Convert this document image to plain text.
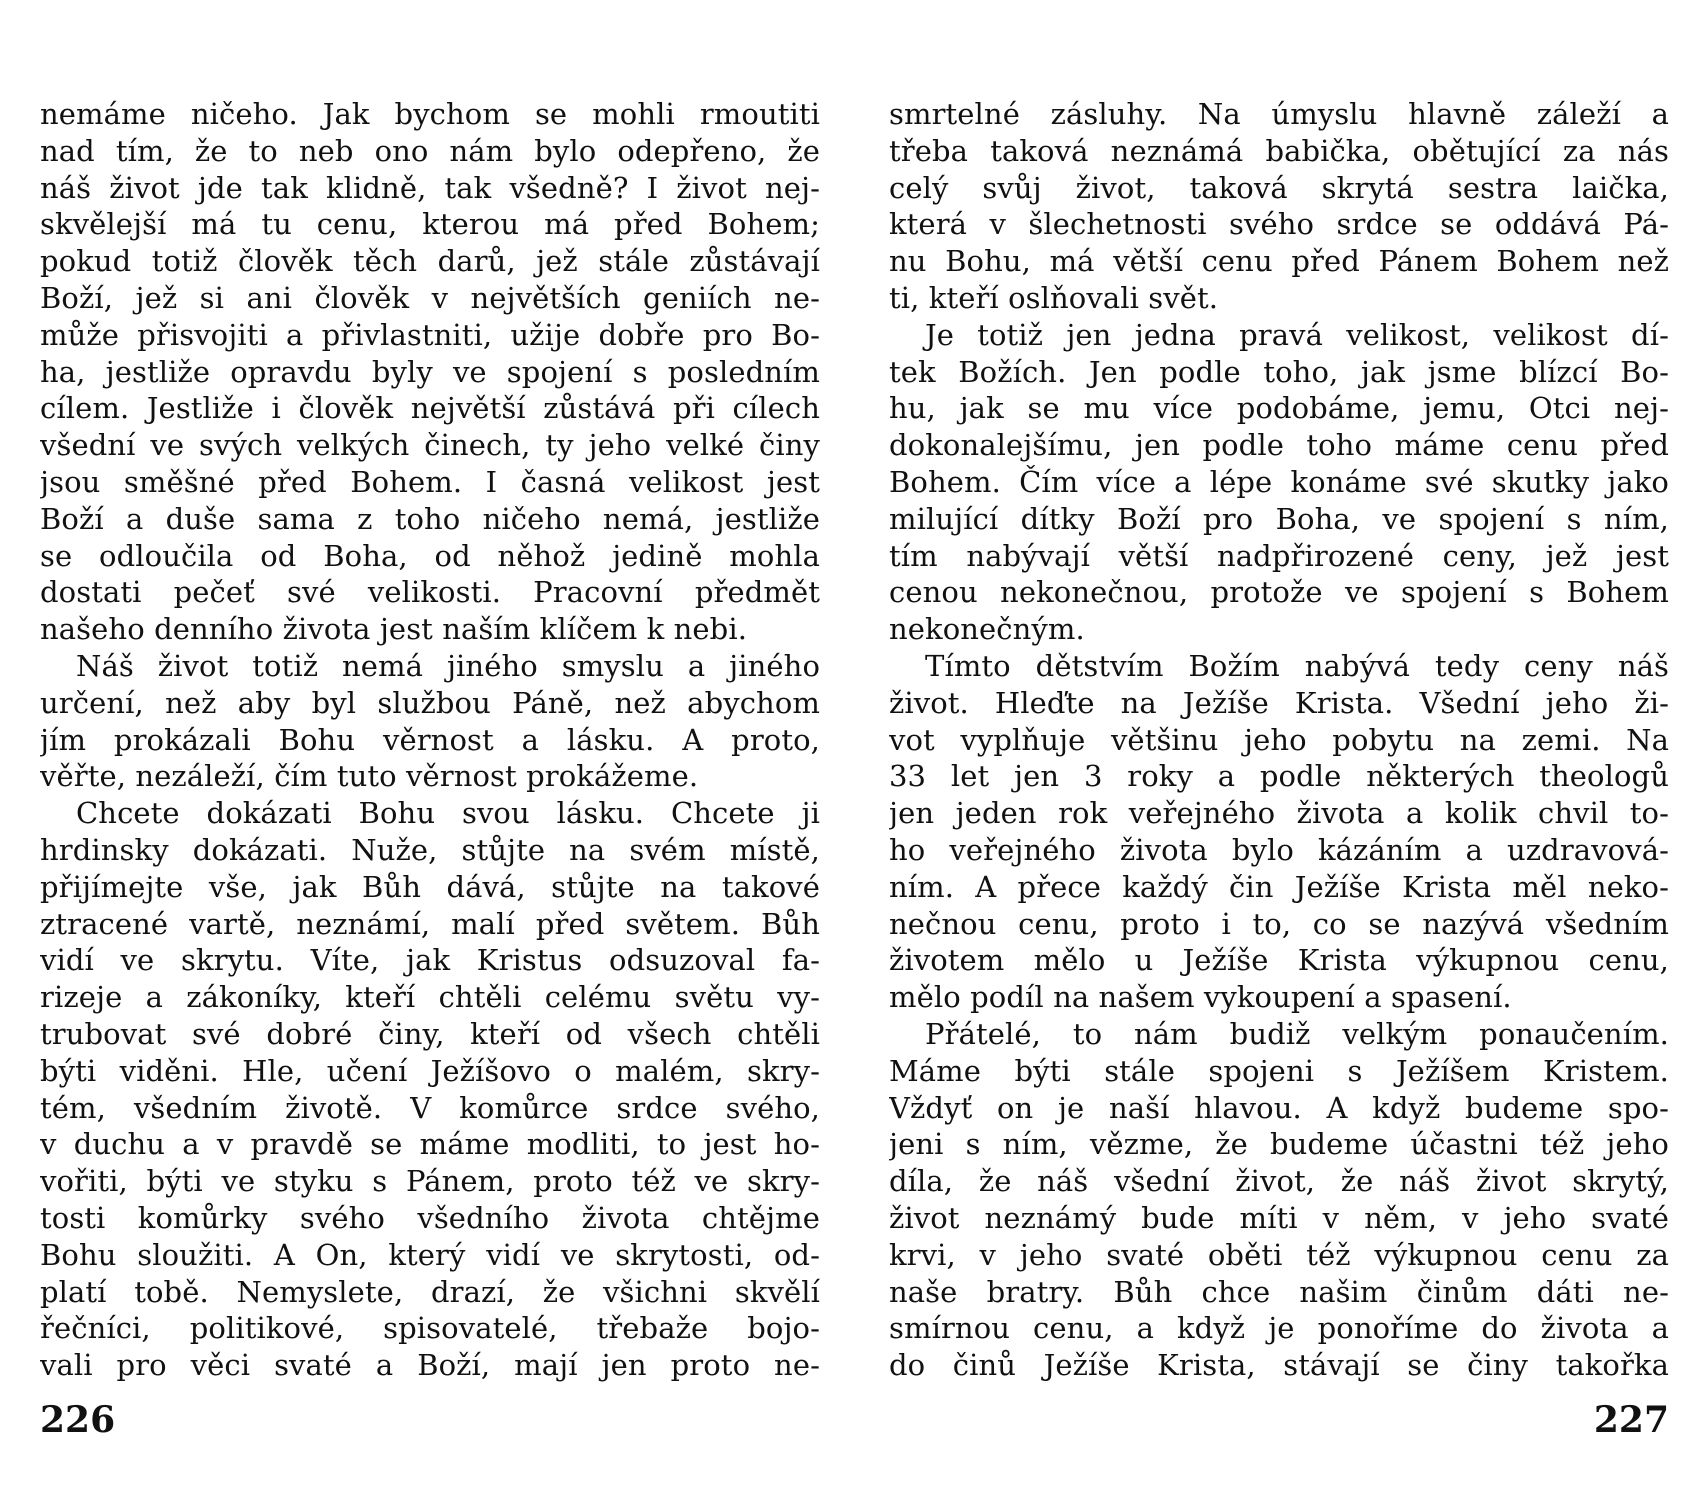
nemáme ničeho. Jak bychom se mohli rmoutiti
nad tím, že to neb ono nám bylo odepřeno, že
náš život jde tak klidně, tak všedně? I život nej-
skvělejší má tu cenu, kterou má před Bohem;
pokud totiž člověk těch darů, jež stále zůstávají
Boží, jež si ani člověk v největších geniích ne-
může přisvojiti a přivlastniti, užije dobře pro Bo-
ha, jestliže opravdu byly ve spojení s posledním
cílem. Jestliže i člověk největší zůstává při cílech
všední ve svých velkých činech, ty jeho velké činy
jsou směšné před Bohem. I časná velikost jest
Boží a duše sama z toho ničeho nemá, jestliže
se odloučila od Boha, od něhož jedině mohla
dostati pečeť své velikosti. Pracovní předmět
našeho denního života jest naším klíčem k nebi.
Náš život totiž nemá jiného smyslu a jiného
určení, než aby byl službou Páně, než abychom
jím prokázali Bohu věrnost a lásku. A proto,
věřte, nezáleží, čím tuto věrnost prokážeme.
Chcete dokázati Bohu svou lásku. Chcete ji
hrdinsky dokázati. Nuže, stůjte na svém místě,
přijímejte vše, jak Bůh dává, stůjte na takové
ztracené vartě, neznámí, malí před světem. Bůh
vidí ve skrytu. Víte, jak Kristus odsuzoval fa-
rizeje a zákoníky, kteří chtěli celému světu vy-
trubovat své dobré činy, kteří od všech chtěli
býti viděni. Hle, učení Ježíšovo o malém, skry-
tém, všedním životě. V komůrce srdce svého,
v duchu a v pravdě se máme modliti, to jest ho-
vořiti, býti ve styku s Pánem, proto též ve skry-
tosti komůrky svého všedního života chtějme
Bohu sloužiti. A On, který vidí ve skrytosti, od-
platí tobě. Nemyslete, drazí, že všichni skvělí
řečníci, politikové, spisovatelé, třebaže bojo-
vali pro věci svaté a Boží, mají jen proto ne-
226
smrtelné zásluhy. Na úmyslu hlavně záleží a
třeba taková neznámá babička, obětující za nás
celý svůj život, taková skrytá sestra laička,
která v šlechetnosti svého srdce se oddává Pá-
nu Bohu, má větší cenu před Pánem Bohem než
ti, kteří oslňovali svět.
Je totiž jen jedna pravá velikost, velikost dí-
tek Božích. Jen podle toho, jak jsme blízcí Bo-
hu, jak se mu více podobáme, jemu, Otci nej-
dokonalejšímu, jen podle toho máme cenu před
Bohem. Čím více a lépe konáme své skutky jako
milující dítky Boží pro Boha, ve spojení s ním,
tím nabývají větší nadpřirozené ceny, jež jest
cenou nekonečnou, protože ve spojení s Bohem
nekonečným.
Tímto dětstvím Božím nabývá tedy ceny náš
život. Hleďte na Ježíše Krista. Všední jeho ži-
vot vyplňuje většinu jeho pobytu na zemi. Na
33 let jen 3 roky a podle některých theologů
jen jeden rok veřejného života a kolik chvil to-
ho veřejného života bylo kázáním a uzdravová-
ním. A přece každý čin Ježíše Krista měl neko-
nečnou cenu, proto i to, co se nazývá všedním
životem mělo u Ježíše Krista výkupnou cenu,
mělo podíl na našem vykoupení a spasení.
Přátelé, to nám budiž velkým ponaučením.
Máme býti stále spojeni s Ježíšem Kristem.
Vždyť on je naší hlavou. A když budeme spo-
jeni s ním, vězme, že budeme účastni též jeho
díla, že náš všední život, že náš život skrytý,
život neznámý bude míti v něm, v jeho svaté
krvi, v jeho svaté oběti též výkupnou cenu za
naše bratry. Bůh chce našim činům dáti ne-
smírnou cenu, a když je ponoříme do života a
do činů Ježíše Krista, stávají se činy takořka
227
